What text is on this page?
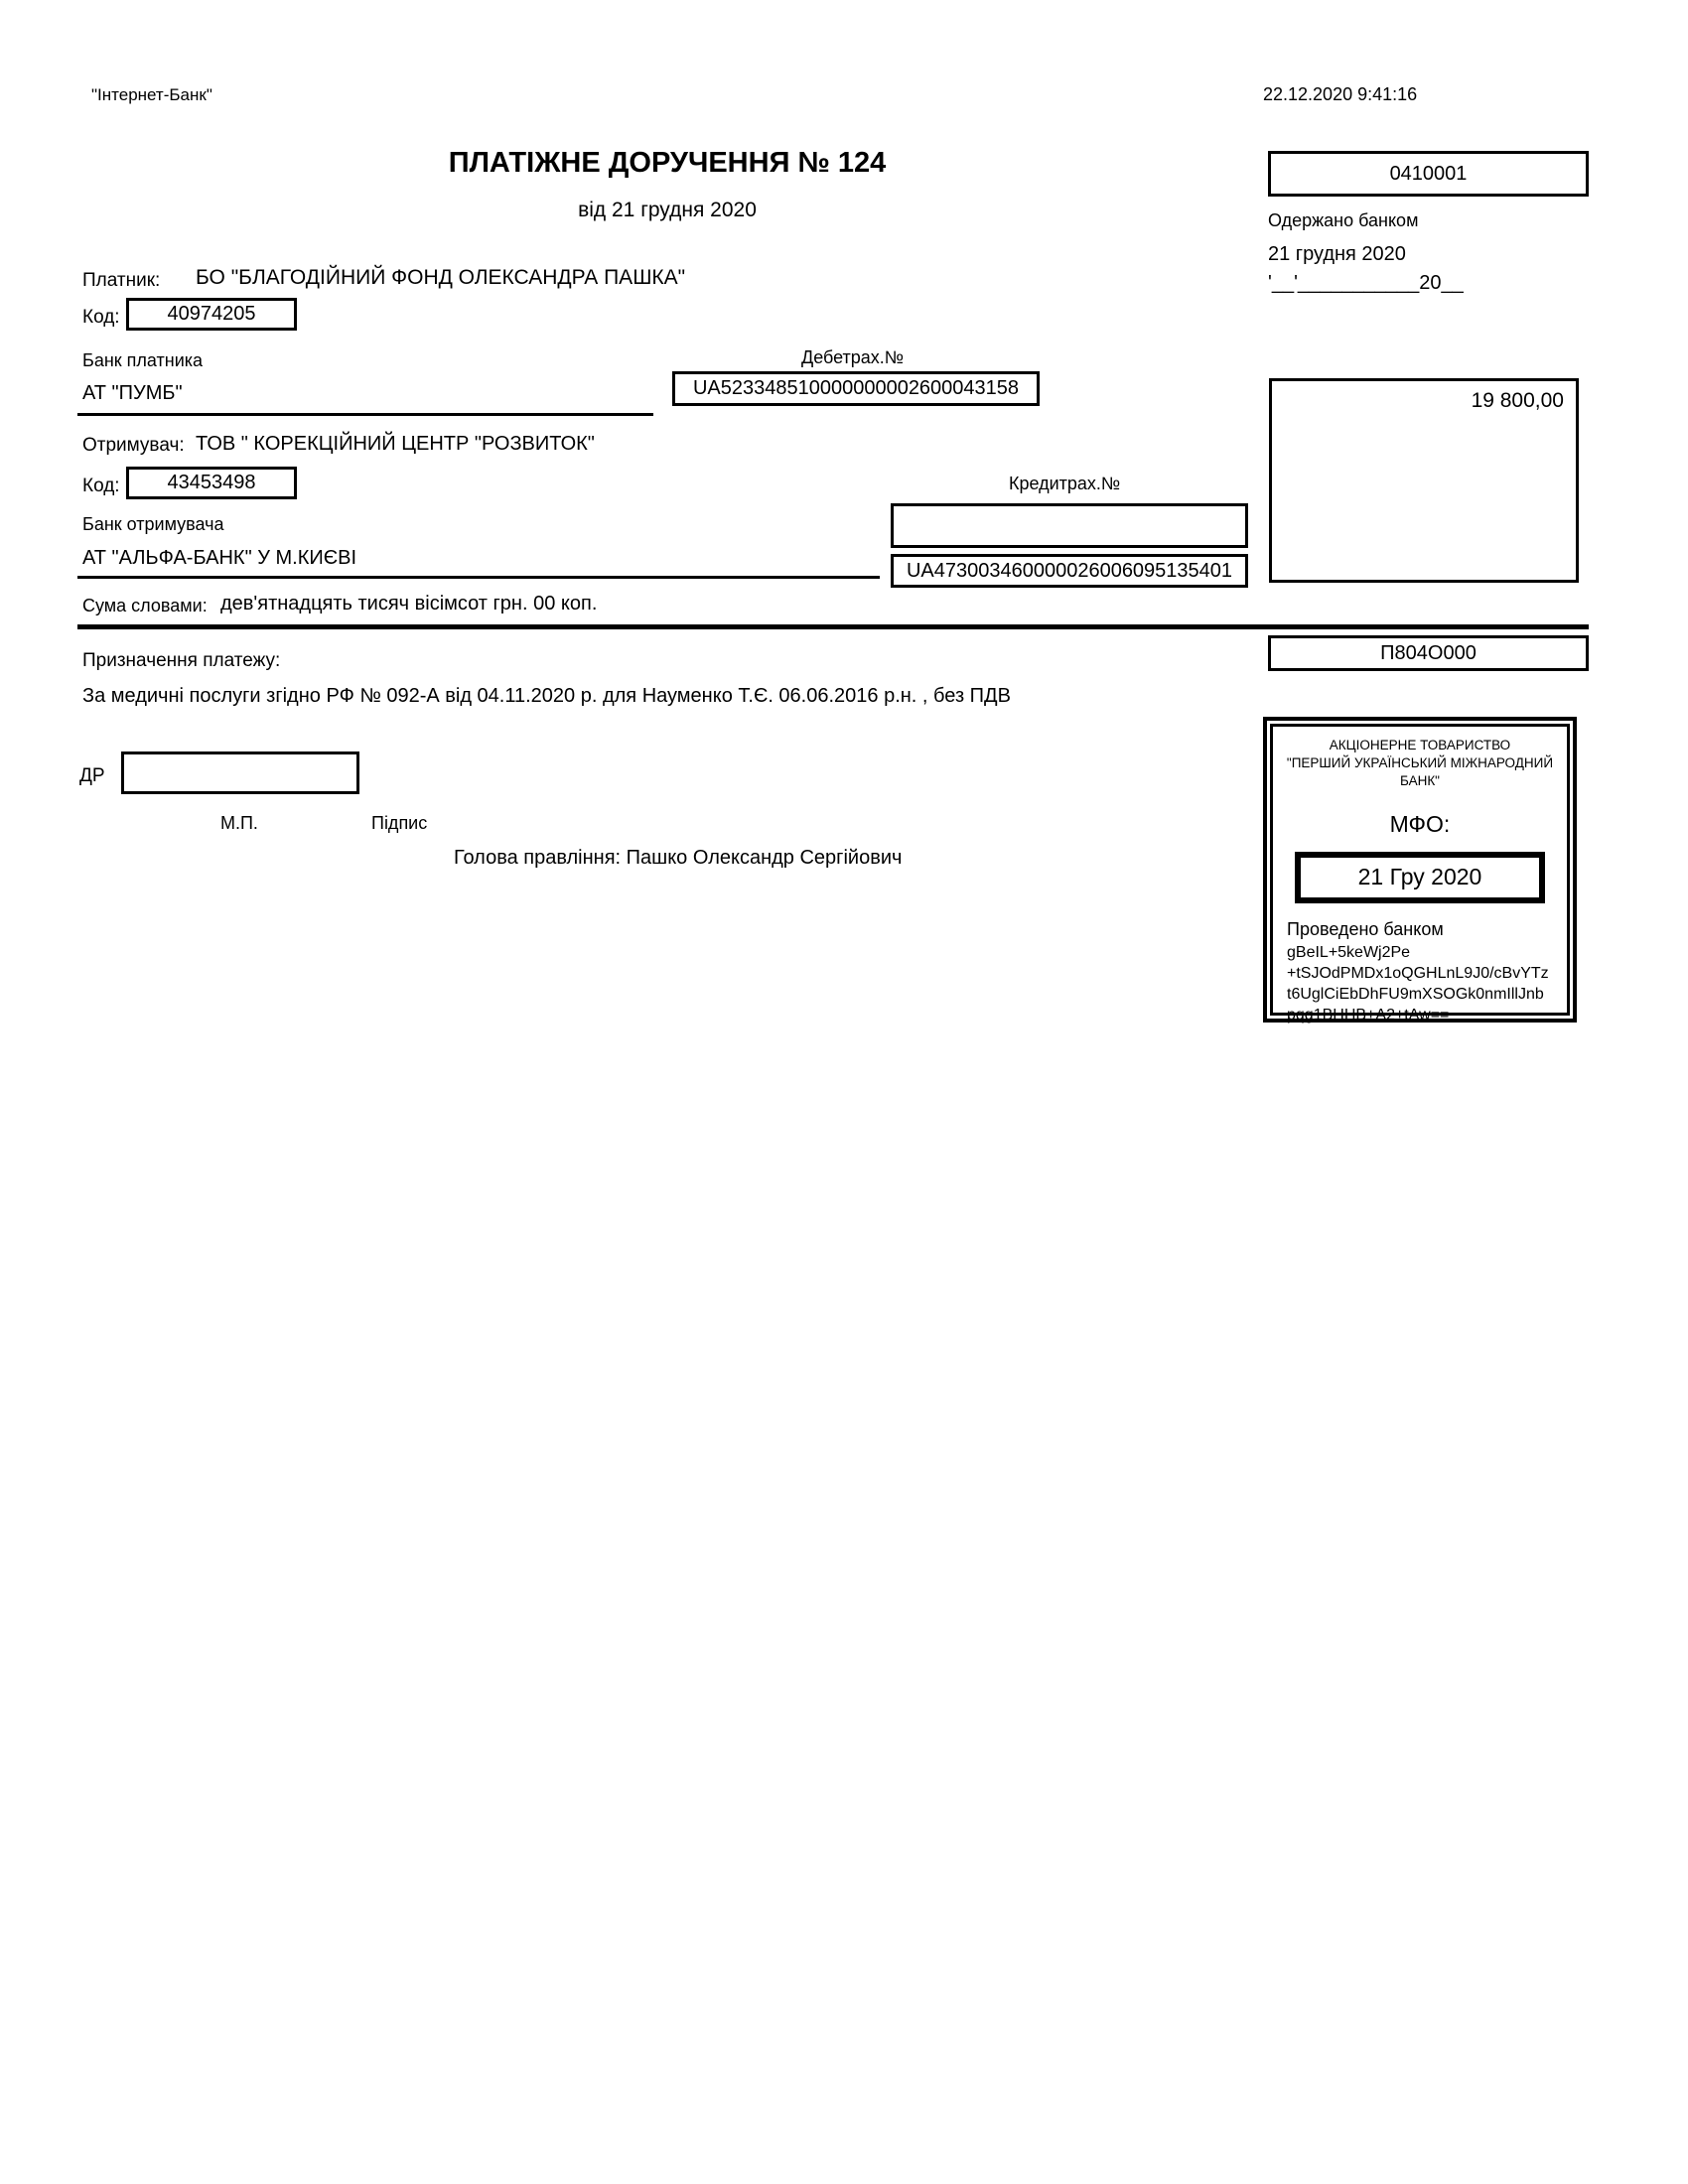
"Інтернет-Банк"	22.12.2020 9:41:16
ПЛАТІЖНЕ ДОРУЧЕННЯ № 124
від 21 грудня 2020
0410001
Одержано банком
21 грудня 2020
'__'___________20__
Платник: БО "БЛАГОДІЙНИЙ ФОНД ОЛЕКСАНДРА ПАШКА"
Код:	40974205
Банк платника
АТ "ПУМБ"
Дебетрах.№
UA523348510000000002600043158
19 800,00
Отримувач: ТОВ " КОРЕКЦІЙНИЙ ЦЕНТР "РОЗВИТОК"
Код:	43453498	Кредитрах.№
Банк отримувача
АТ "АЛЬФА-БАНК" У М.КИЄВІ
UA473003460000026006095135401
Сума словами: дев'ятнадцять тисяч вісімсот грн. 00 коп.
Призначення платежу:	П804О000
За медичні послуги згідно РФ № 092-А від 04.11.2020 р. для Науменко Т.Є. 06.06.2016 р.н. , без ПДВ
ДР
М.П.	Підпис
Голова правління: Пашко Олександр Сергійович
АКЦІОНЕРНЕ ТОВАРИСТВО
"ПЕРШИЙ УКРАЇНСЬКИЙ МІЖНАРОДНИЙ БАНК"
МФО:
21 Гру 2020
Проведено банком
gBeIL+5keWj2Pe
+tSJOdPMDx1oQGHLnL9J0/cBvYTz
t6UglCiEbDhFU9mXSOGk0nmIllJnb
pqg1BHHB+A2+tAw==
